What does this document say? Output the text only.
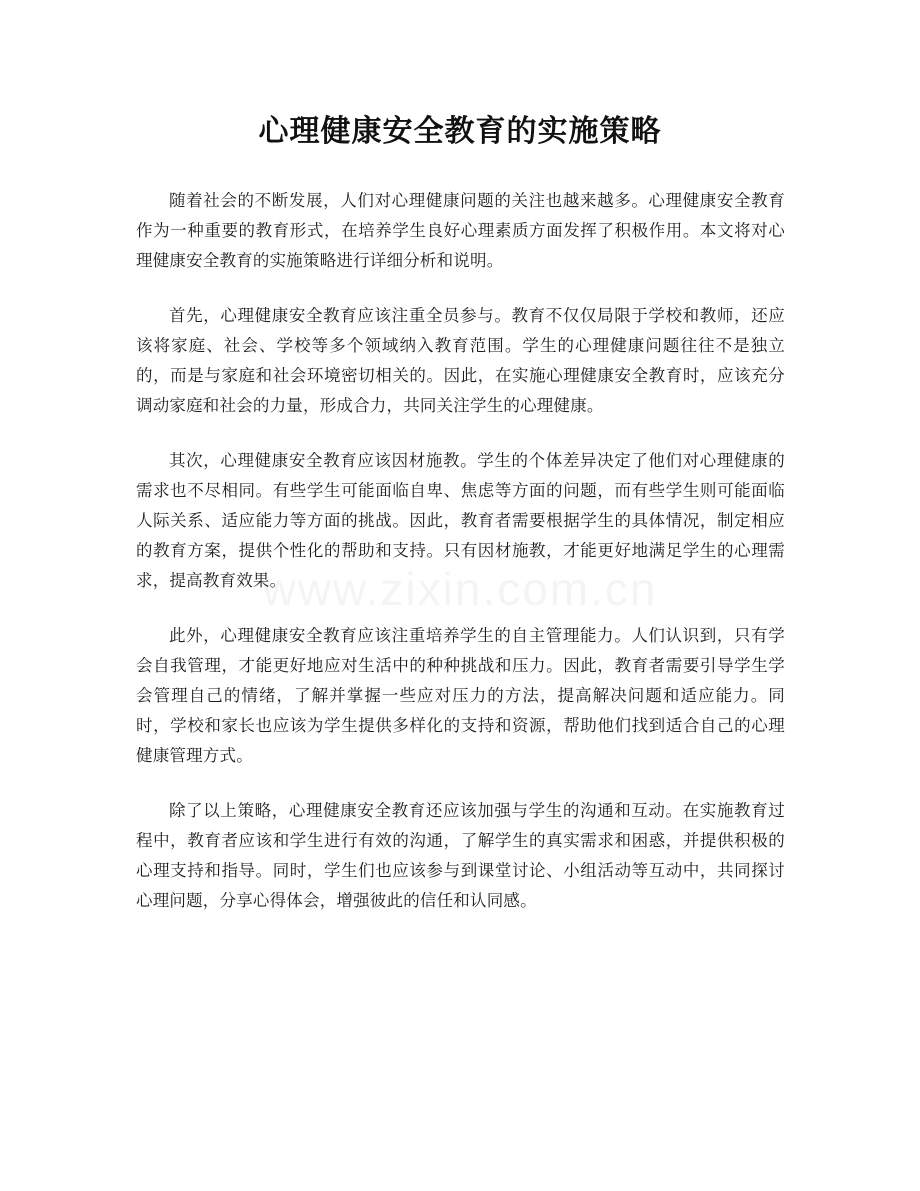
心理健康安全教育的实施策略

随着社会的不断发展，人们对心理健康问题的关注也越来越多。心理健康安全教育作为一种重要的教育形式，在培养学生良好心理素质方面发挥了积极作用。本文将对心理健康安全教育的实施策略进行详细分析和说明。

首先，心理健康安全教育应该注重全员参与。教育不仅仅局限于学校和教师，还应该将家庭、社会、学校等多个领域纳入教育范围。学生的心理健康问题往往不是独立的，而是与家庭和社会环境密切相关的。因此，在实施心理健康安全教育时，应该充分调动家庭和社会的力量，形成合力，共同关注学生的心理健康。

其次，心理健康安全教育应该因材施教。学生的个体差异决定了他们对心理健康的需求也不尽相同。有些学生可能面临自卑、焦虑等方面的问题，而有些学生则可能面临人际关系、适应能力等方面的挑战。因此，教育者需要根据学生的具体情况，制定相应的教育方案，提供个性化的帮助和支持。只有因材施教，才能更好地满足学生的心理需求，提高教育效果。

此外，心理健康安全教育应该注重培养学生的自主管理能力。人们认识到，只有学会自我管理，才能更好地应对生活中的种种挑战和压力。因此，教育者需要引导学生学会管理自己的情绪，了解并掌握一些应对压力的方法，提高解决问题和适应能力。同时，学校和家长也应该为学生提供多样化的支持和资源，帮助他们找到适合自己的心理健康管理方式。

除了以上策略，心理健康安全教育还应该加强与学生的沟通和互动。在实施教育过程中，教育者应该和学生进行有效的沟通，了解学生的真实需求和困惑，并提供积极的心理支持和指导。同时，学生们也应该参与到课堂讨论、小组活动等互动中，共同探讨心理问题，分享心得体会，增强彼此的信任和认同感。
